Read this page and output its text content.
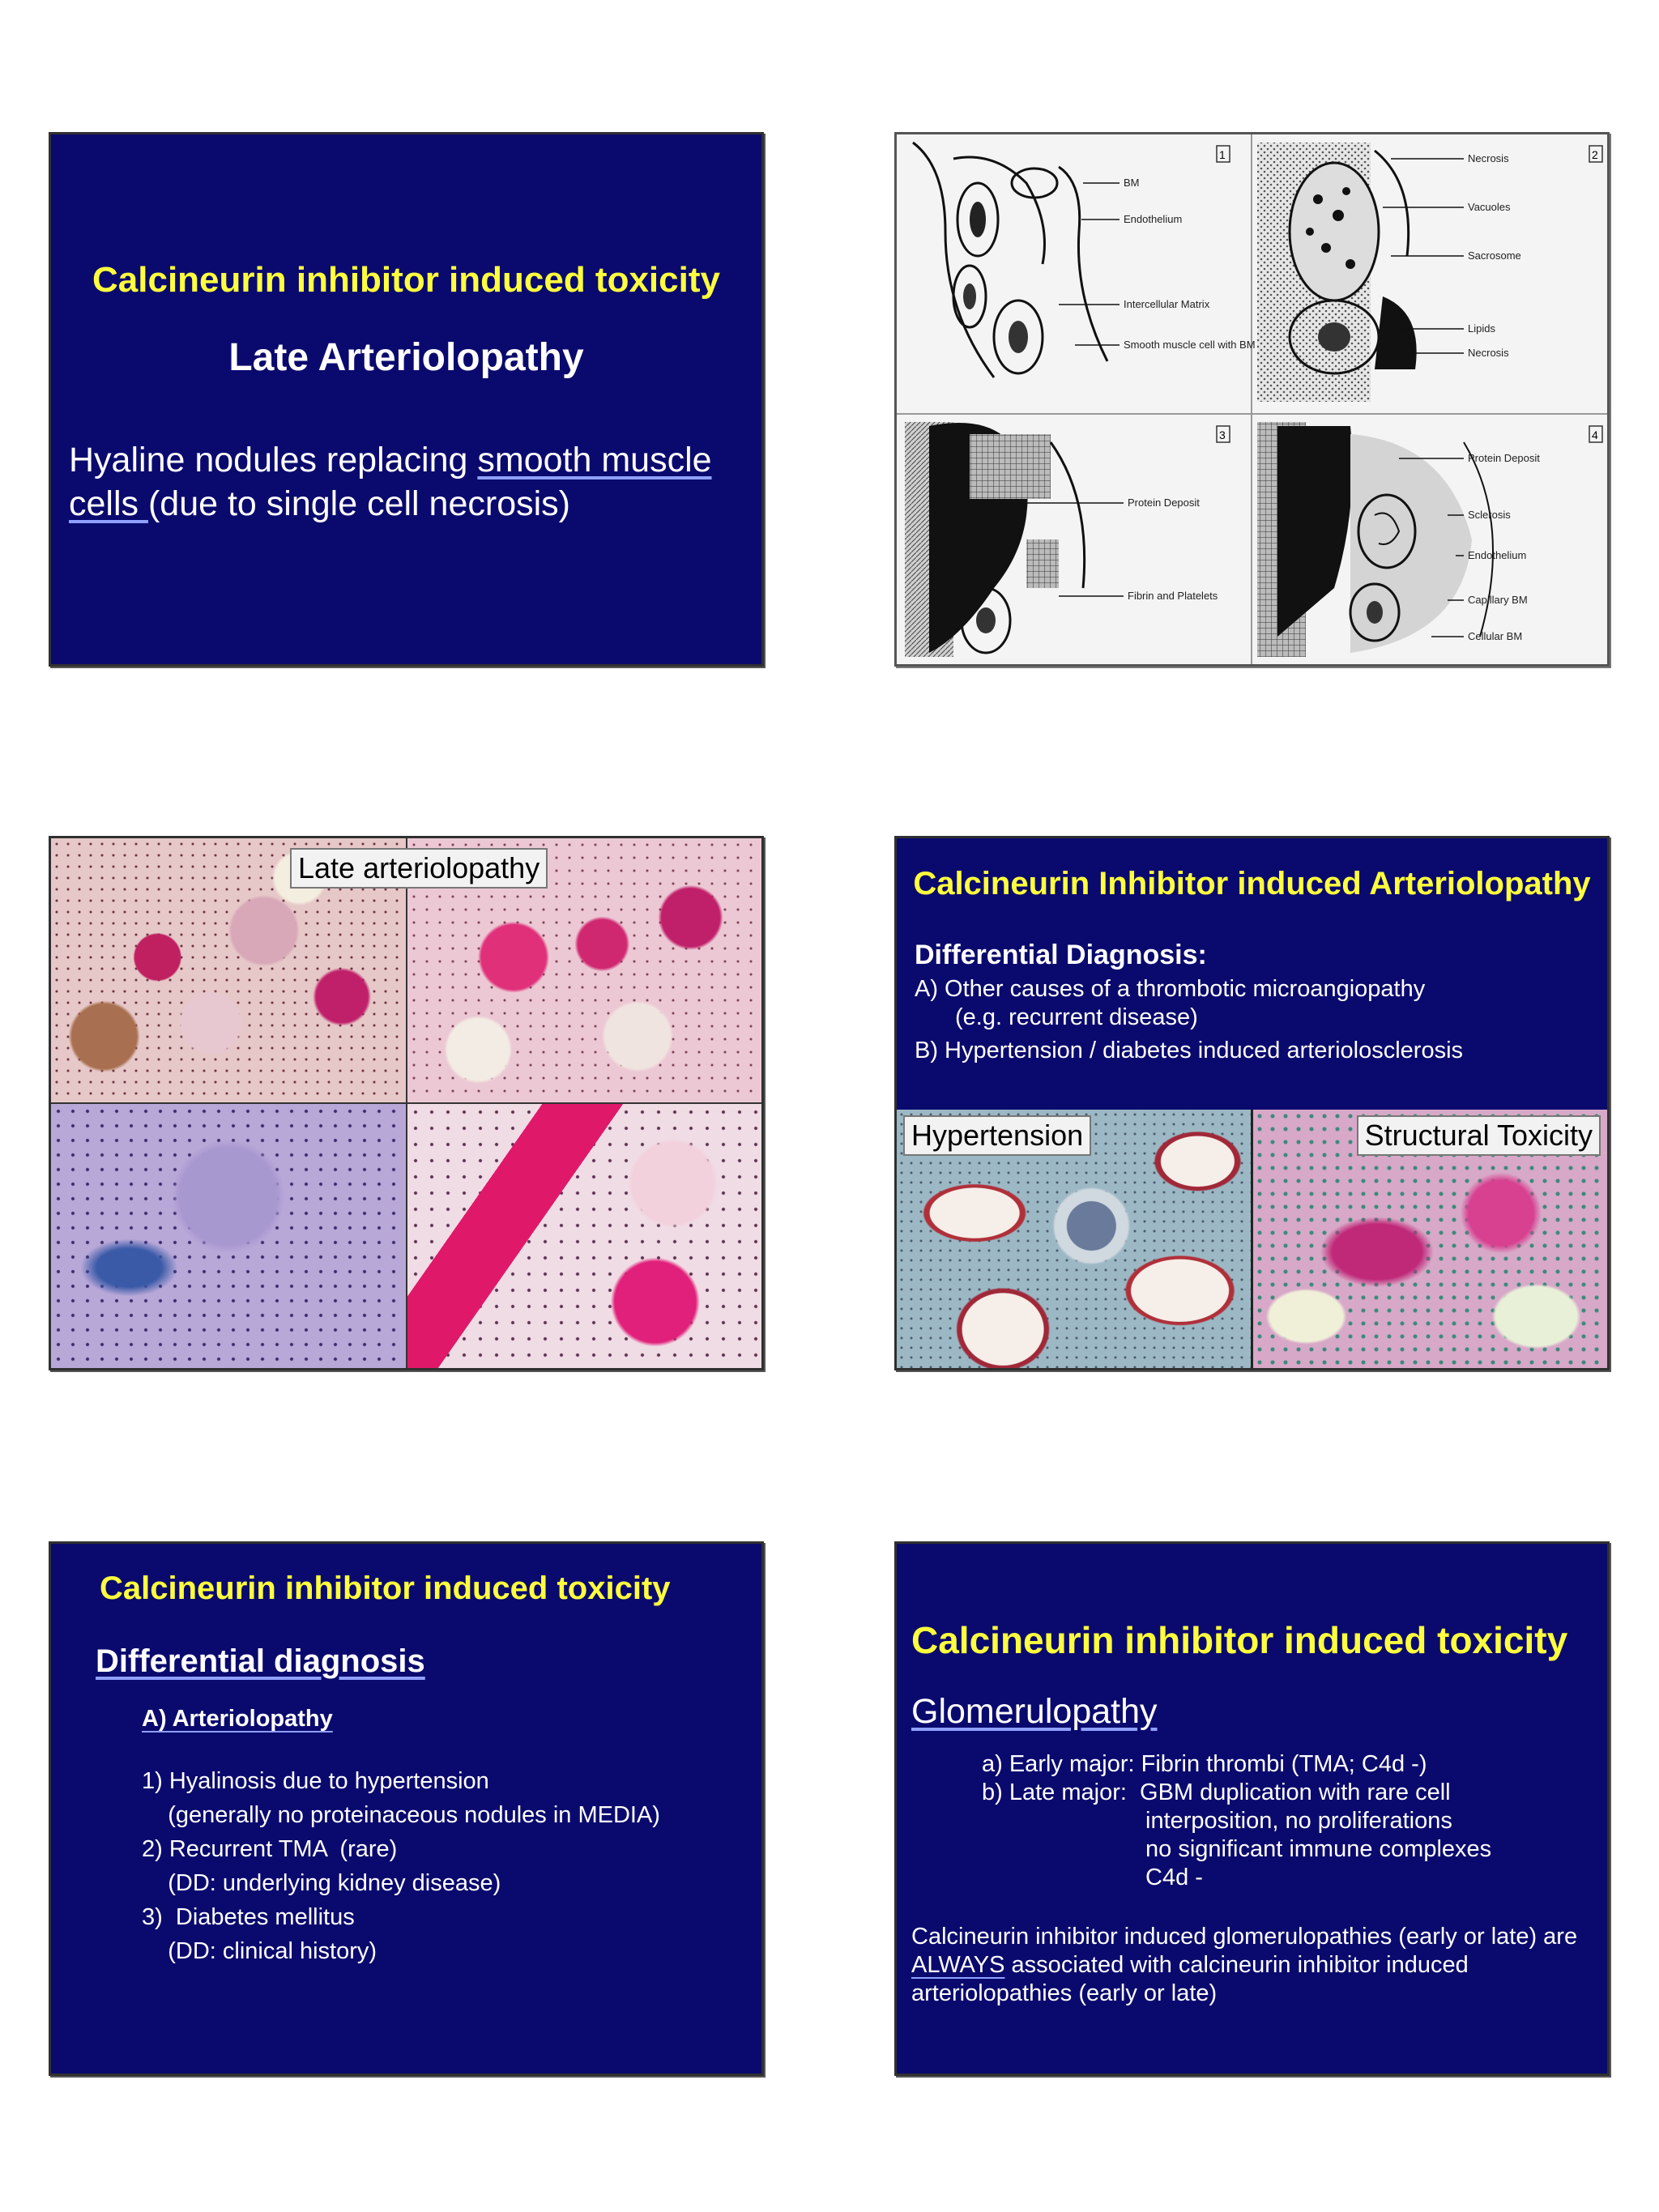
Calcineurin inhibitor induced toxicity
Late Arteriolopathy
Hyaline nodules replacing smooth muscle
cells (due to single cell necrosis)
1	2
3	4
BM
Endothelium
Intercellular Matrix
Smooth muscle cell with BM
Necrosis
Vacuoles
Sacrosome
Lipids
Necrosis
Protein Deposit
Fibrin and Platelets
Protein Deposit
Sclerosis
Endothelium
Capillary BM
Cellular BM
Late arteriolopathy	Calcineurin Inhibitor induced Arteriolopathy
Differential Diagnosis:
A) Other causes of a thrombotic microangiopathy
(e.g. recurrent disease)
B) Hypertension / diabetes induced arteriolosclerosis
Hypertension	Structural Toxicity
Calcineurin inhibitor induced toxicity
Differential diagnosis
A) Arteriolopathy
1) Hyalinosis due to hypertension
(generally no proteinaceous nodules in MEDIA)
2) Recurrent TMA  (rare)
(DD: underlying kidney disease)
3)  Diabetes mellitus
(DD: clinical history)
Calcineurin inhibitor induced toxicity
Glomerulopathy
a) Early major: Fibrin thrombi (TMA; C4d -)
b) Late major:  GBM duplication with rare cell
interposition, no proliferations
no significant immune complexes
C4d -
Calcineurin inhibitor induced glomerulopathies (early or late) are
ALWAYS associated with calcineurin inhibitor induced
arteriolopathies (early or late)
